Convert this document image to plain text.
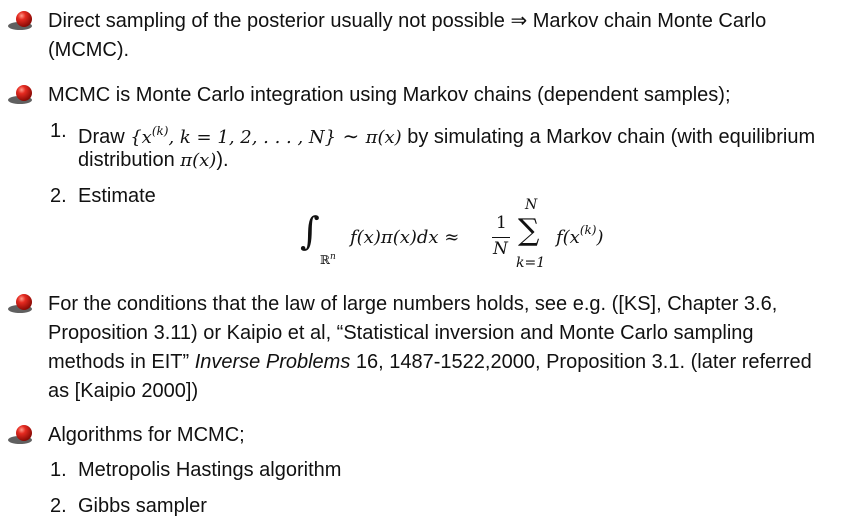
Direct sampling of the posterior usually not possible ⇒ Markov chain Monte Carlo
(MCMC).
MCMC is Monte Carlo integration using Markov chains (dependent samples);
1. Draw {$x^{(k)}$, k = 1, 2, . . . , N} ∼ π(x) by simulating a Markov chain (with equilibrium
distribution π(x)).
2. Estimate
∫
ℝ$^n$
f(x)π(x)dx ≈
1
N
N
∑
k=1
$f(x^{(k)})$
For the conditions that the law of large numbers holds, see e.g. ([KS], Chapter 3.6,
Proposition 3.11) or Kaipio et al, “Statistical inversion and Monte Carlo sampling
methods in EIT” Inverse Problems 16, 1487-1522,2000, Proposition 3.1. (later referred
as [Kaipio 2000])
Algorithms for MCMC;
1. Metropolis Hastings algorithm
2. Gibbs sampler
